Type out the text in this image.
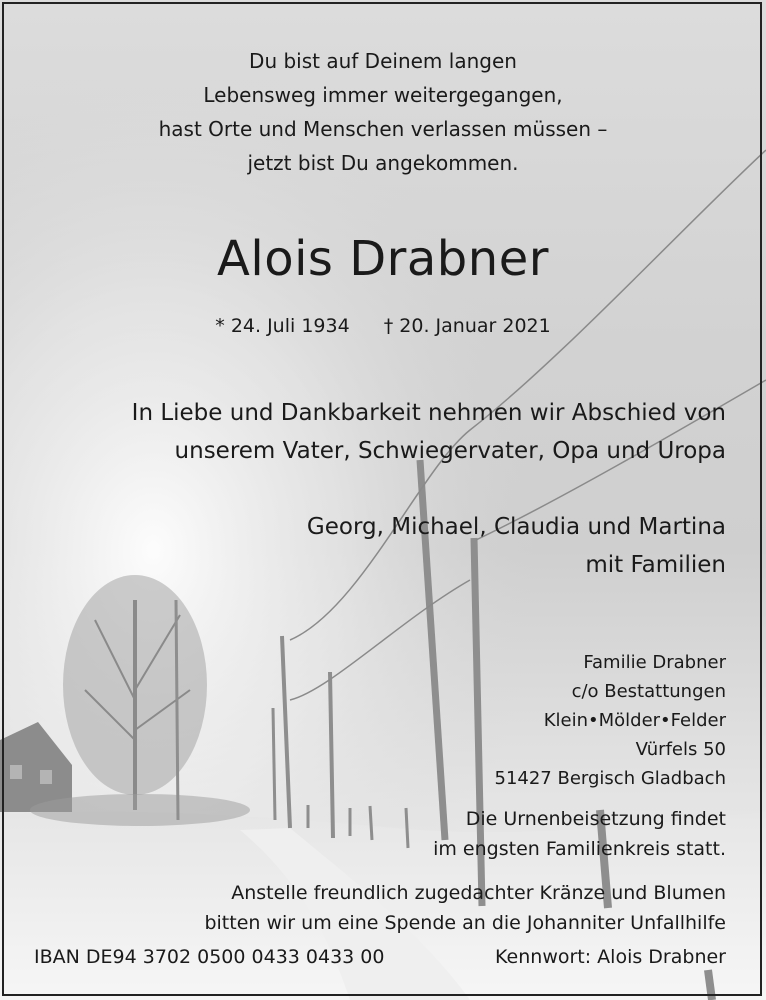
Du bist auf Deinem langen
Lebensweg immer weitergegangen,
hast Orte und Menschen verlassen müssen –
jetzt bist Du angekommen.
Alois Drabner
* 24. Juli 1934 † 20. Januar 2021
In Liebe und Dankbarkeit nehmen wir Abschied von
unserem Vater, Schwiegervater, Opa und Uropa
Georg, Michael, Claudia und Martina
mit Familien
Familie Drabner
c/o Bestattungen
Klein•Mölder•Felder
Vürfels 50
51427 Bergisch Gladbach
Die Urnenbeisetzung findet
im engsten Familienkreis statt.
Anstelle freundlich zugedachter Kränze und Blumen
bitten wir um eine Spende an die Johanniter Unfallhilfe
IBAN DE94 3702 0500 0433 0433 00	Kennwort: Alois Drabner
